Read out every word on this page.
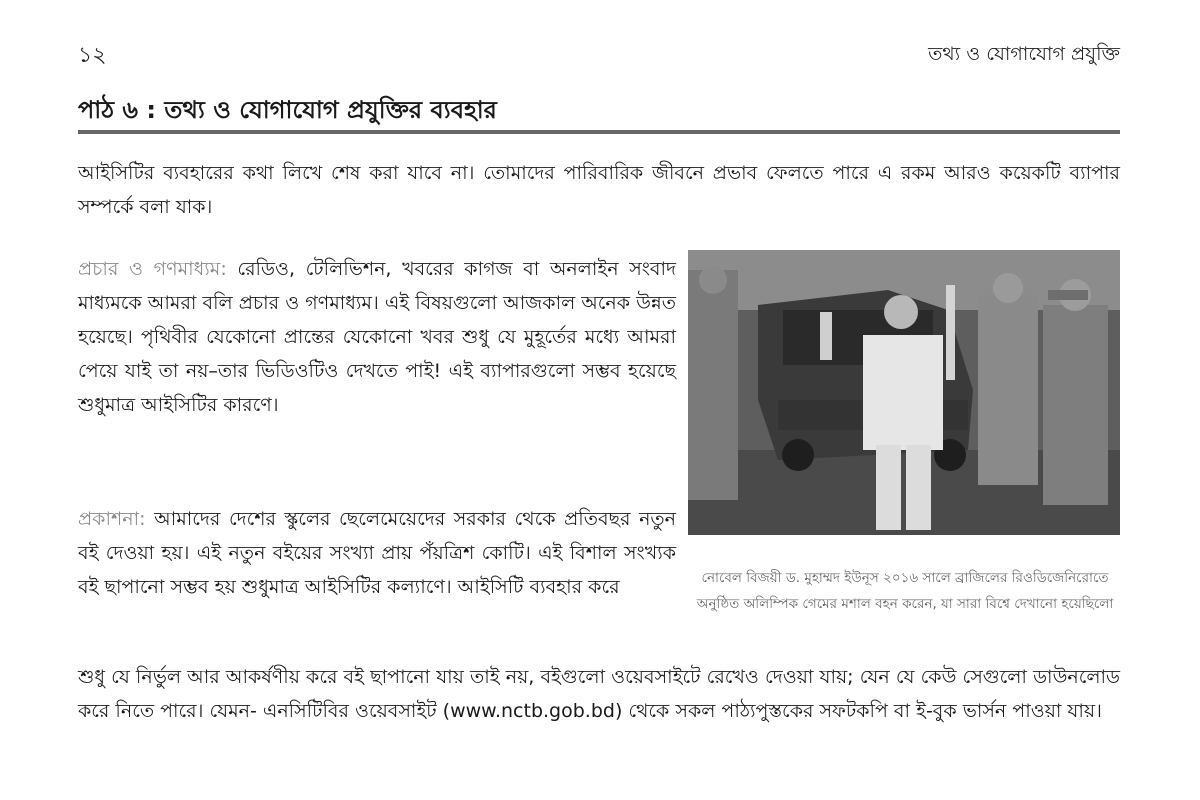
১২	তথ্য ও যোগাযোগ প্রযুক্তি
পাঠ ৬ : তথ্য ও যোগাযোগ প্রযুক্তির ব্যবহার

আইসিটির ব্যবহারের কথা লিখে শেষ করা যাবে না। তোমাদের পারিবারিক জীবনে প্রভাব ফেলতে পারে এ রকম আরও কয়েকটি ব্যাপার সম্পর্কে বলা যাক।

প্রচার ও গণমাধ্যম: রেডিও, টেলিভিশন, খবরের কাগজ বা অনলাইন সংবাদ মাধ্যমকে আমরা বলি প্রচার ও গণমাধ্যম। এই বিষয়গুলো আজকাল অনেক উন্নত হয়েছে। পৃথিবীর যেকোনো প্রান্তের যেকোনো খবর শুধু যে মুহূর্তের মধ্যে আমরা পেয়ে যাই তা নয়–তার ভিডিওটিও দেখতে পাই! এই ব্যাপারগুলো সম্ভব হয়েছে শুধুমাত্র আইসিটির কারণে।

প্রকাশনা: আমাদের দেশের স্কুলের ছেলেমেয়েদের সরকার থেকে প্রতিবছর নতুন বই দেওয়া হয়। এই নতুন বইয়ের সংখ্যা প্রায় পঁয়ত্রিশ কোটি। এই বিশাল সংখ্যক বই ছাপানো সম্ভব হয় শুধুমাত্র আইসিটির কল্যাণে। আইসিটি ব্যবহার করে	নোবেল বিজয়ী ড. মুহাম্মদ ইউনূস ২০১৬ সালে ব্রাজিলের রিওডিজেনিরোতে অনুষ্ঠিত অলিম্পিক গেমের মশাল বহন করেন, যা সারা বিশ্বে দেখানো হয়েছিলো

শুধু যে নির্ভুল আর আকর্ষণীয় করে বই ছাপানো যায় তাই নয়, বইগুলো ওয়েবসাইটে রেখেও দেওয়া যায়; যেন যে কেউ সেগুলো ডাউনলোড করে নিতে পারে। যেমন- এনসিটিবির ওয়েবসাইট (www.nctb.gob.bd) থেকে সকল পাঠ্যপুস্তকের সফটকপি বা ই-বুক ভার্সন পাওয়া যায়।
